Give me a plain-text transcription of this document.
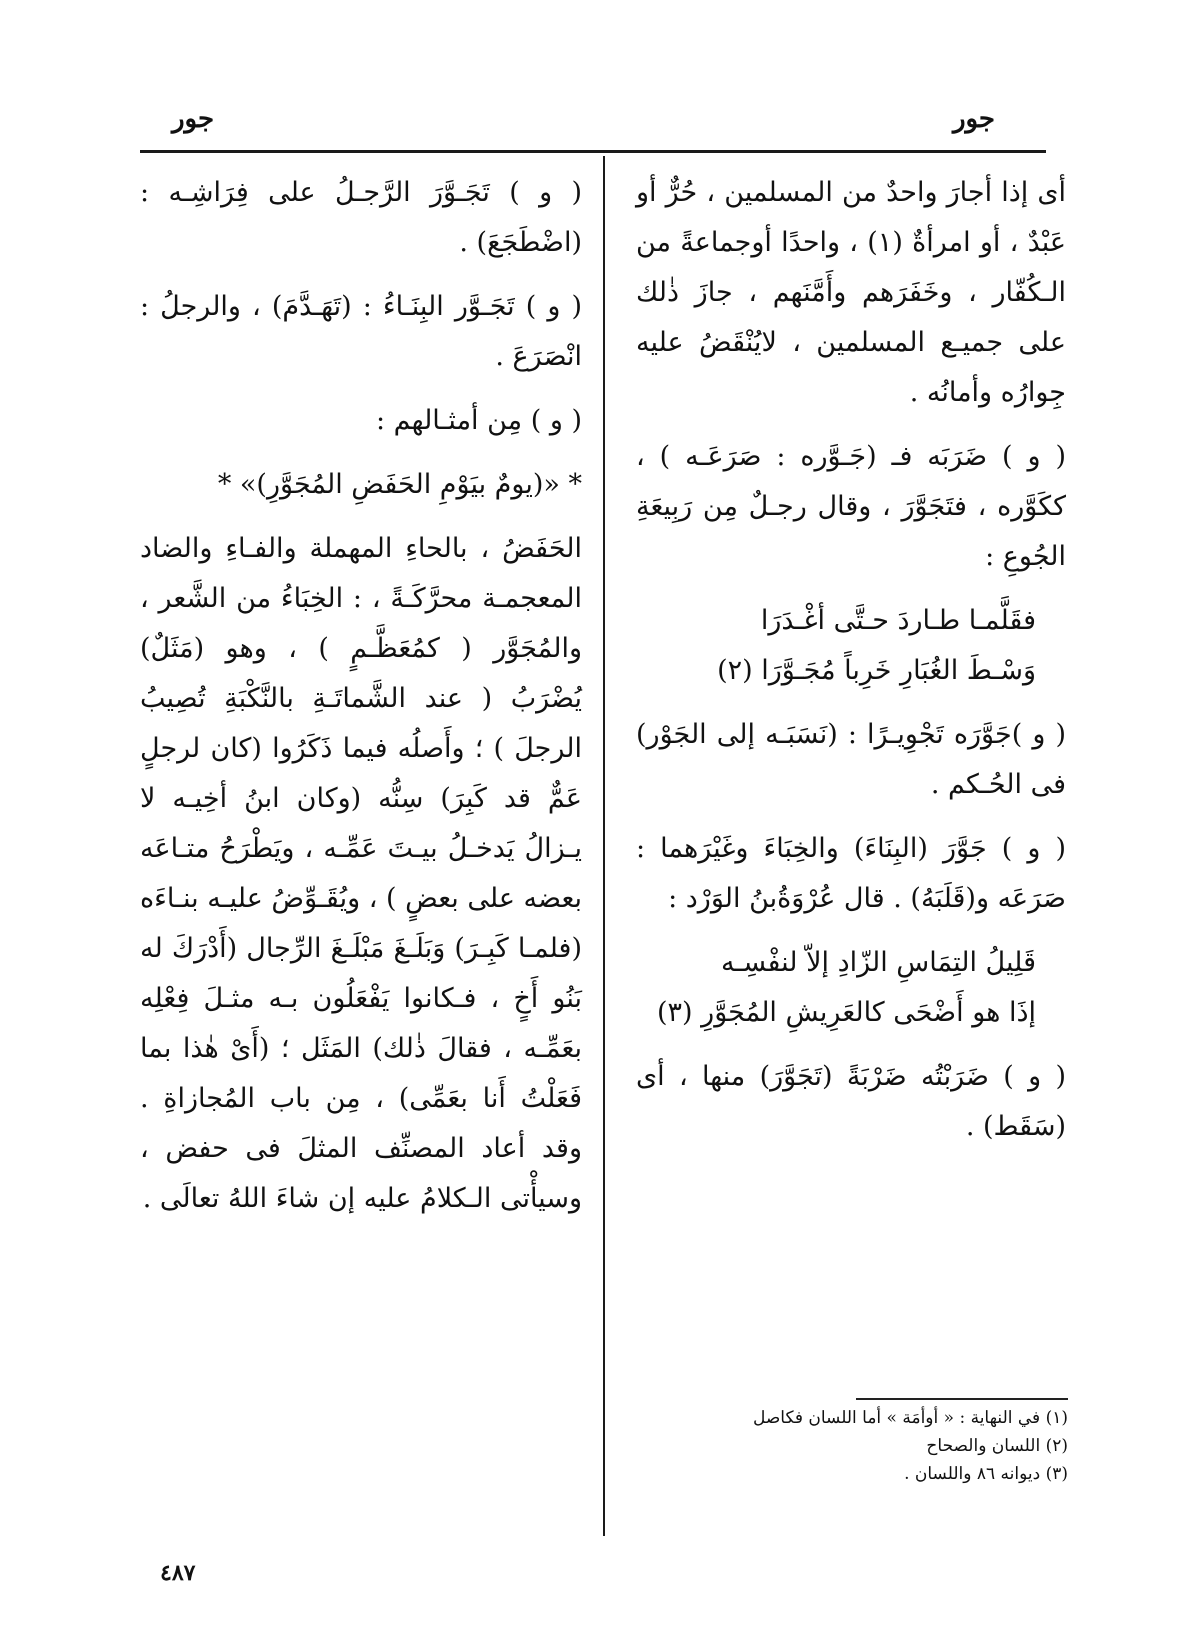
جور
جور

أى إذا أجارَ واحدٌ من المسلمين ، حُرٌّ أو عَبْدٌ ، أو امرأةٌ (١) ، واحدًا أوجماعةً من الـكُفّار ، وخَفَرَهم وأَمَّنَهم ، جازَ ذٰلك على جميـع المسلمين ، لايُنْقَضُ عليه جِوارُه وأمانُه .

( و ) ضَرَبَه فـ (جَـوَّره : صَرَعَـه ) ، ككَوَّره ، فتَجَوَّرَ ، وقال رجـلٌ مِن رَبِيعَةِ الجُوعِ :

فقَلَّمـا طـاردَ حـتَّى أغْـدَرَا
وَسْـطَ الغُبَارِ خَرِباً مُجَـوَّرَا (٢)

( و )جَوَّرَه تَجْوِيـرًا : (نَسَبَـه إلى الجَوْر) فى الحُـكم .

( و ) جَوَّرَ (البِنَاءَ) والخِبَاءَ وغَيْرَهما : صَرَعَه و(قَلَبَهُ) . قال عُرْوَةُبنُ الوَرْد :

قَلِيلُ التِمَاسِ الزّادِ إلاّ لنفْسِـه
إذَا هو أَضْحَى كالعَرِيشِ المُجَوَّرِ (٣)

( و ) ضَرَبْتُه ضَرْبَةً (تَجَوَّرَ) منها ، أى (سَقَط) .

( و ) تَجَـوَّرَ الرَّجـلُ على فِرَاشِـه : (اضْطَجَعَ) .

( و ) تَجَـوَّر البِنَـاءُ : (تَهَـدَّمَ) ، والرجلُ : انْصَرَعَ .

( و ) مِن أمثـالهم :

* «(يومٌ بيَوْمِ الحَفَضِ المُجَوَّرِ)» *

الحَفَضُ ، بالحاءِ المهملة والفـاءِ والضاد المعجمـة محرَّكَـةً ، : الخِبَاءُ من الشَّعر ، والمُجَوَّر ( كمُعَظَّـمٍ ) ، وهو (مَثَلٌ) يُضْرَبُ ( عند الشَّماتَـةِ بالنَّكْبَةِ تُصِيبُ الرجلَ ) ؛ وأَصلُه فيما ذَكَرُوا (كان لرجلٍ عَمٌّ قد كَبِرَ) سِنُّه (وكان ابنُ أخِيـه لا يـزالُ يَدخـلُ بيـتَ عَمِّـه ، ويَطْرَحُ متـاعَه بعضه على بعضٍ ) ، ويُقَـوِّضُ عليـه بنـاءَه (فلمـا كَبِـرَ) وَبَلَـغَ مَبْلَـغَ الرِّجال (أَدْرَكَ له بَنُو أَخٍ ، فـكانوا يَفْعَلُون بـه مثـلَ فِعْلِه بعَمِّـه ، فقالَ ذٰلك) المَثَل ؛ (أَىْ هٰذا بما فَعَلْتُ أَنا بعَمِّى) ، مِن باب المُجازاةِ . وقد أعاد المصنِّف المثلَ فى حفض ، وسيأْتى الـكلامُ عليه إن شاءَ اللهُ تعالَى .

(١) في النهاية : « أوأمَة » أما اللسان فكاصل
(٢) اللسان والصحاح
(٣) ديوانه ٨٦ واللسان .
٤٨٧
